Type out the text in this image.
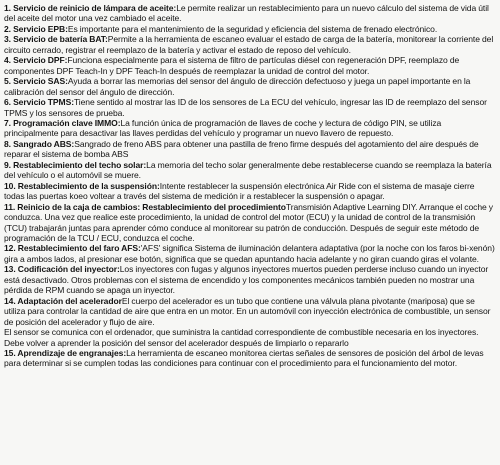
1. Servicio de reinicio de lámpara de aceite:Le permite realizar un restablecimiento para un nuevo cálculo del sistema de vida útil del aceite del motor una vez cambiado el aceite.

2. Servicio EPB:Es importante para el mantenimiento de la seguridad y eficiencia del sistema de frenado electrónico.

3. Servicio de batería BAT:Permite a la herramienta de escaneo evaluar el estado de carga de la batería, monitorear la corriente del circuito cerrado, registrar el reemplazo de la batería y activar el estado de reposo del vehículo.

4. Servicio DPF:Funciona especialmente para el sistema de filtro de partículas diésel con regeneración DPF, reemplazo de componentes DPF Teach-In y DPF Teach-In después de reemplazar la unidad de control del motor.

5. Servicio SAS:Ayuda a borrar las memorias del sensor del ángulo de dirección defectuoso y juega un papel importante en la calibración del sensor del ángulo de dirección.

6. Servicio TPMS:Tiene sentido al mostrar las ID de los sensores de La ECU del vehículo, ingresar las ID de reemplazo del sensor TPMS y los sensores de prueba.

7. Programación clave IMMO:La función única de programación de llaves de coche y lectura de código PIN, se utiliza principalmente para desactivar las llaves perdidas del vehículo y programar un nuevo llavero de repuesto.

8. Sangrado ABS:Sangrado de freno ABS para obtener una pastilla de freno firme después del agotamiento del aire después de reparar el sistema de bomba ABS

9. Restablecimiento del techo solar:La memoria del techo solar generalmente debe restablecerse cuando se reemplaza la batería del vehículo o el automóvil se muere.

10. Restablecimiento de la suspensión:Intente restablecer la suspensión electrónica Air Ride con el sistema de masaje cierre todas las puertas koeo voltear a través del sistema de medición ir a restablecer la suspensión o apagar.

11. Reinicio de la caja de cambios: Restablecimiento del procedimientoTransmisión Adaptive Learning DIY. Arranque el coche y conduzca. Una vez que realice este procedimiento, la unidad de control del motor (ECU) y la unidad de control de la transmisión (TCU) trabajarán juntas para aprender cómo conduce al monitorear su patrón de conducción. Después de seguir este método de programación de la TCU / ECU, conduzca el coche.

12. Restablecimiento del faro AFS:'AFS' significa Sistema de iluminación delantera adaptativa (por la noche con los faros bi-xenón) gira a ambos lados, al presionar ese botón, significa que se quedan apuntando hacia adelante y no giran cuando giras el volante.

13. Codificación del inyector:Los inyectores con fugas y algunos inyectores muertos pueden perderse incluso cuando un inyector está desactivado. Otros problemas con el sistema de encendido y los componentes mecánicos también pueden no mostrar una pérdida de RPM cuando se apaga un inyector.

14. Adaptación del aceleradorEl cuerpo del acelerador es un tubo que contiene una válvula plana pivotante (mariposa) que se utiliza para controlar la cantidad de aire que entra en un motor. En un automóvil con inyección electrónica de combustible, un sensor de posición del acelerador y flujo de aire.

El sensor se comunica con el ordenador, que suministra la cantidad correspondiente de combustible necesaria en los inyectores. Debe volver a aprender la posición del sensor del acelerador después de limpiarlo o repararlo

15. Aprendizaje de engranajes:La herramienta de escaneo monitorea ciertas señales de sensores de posición del árbol de levas para determinar si se cumplen todas las condiciones para continuar con el procedimiento para el funcionamiento del motor.
